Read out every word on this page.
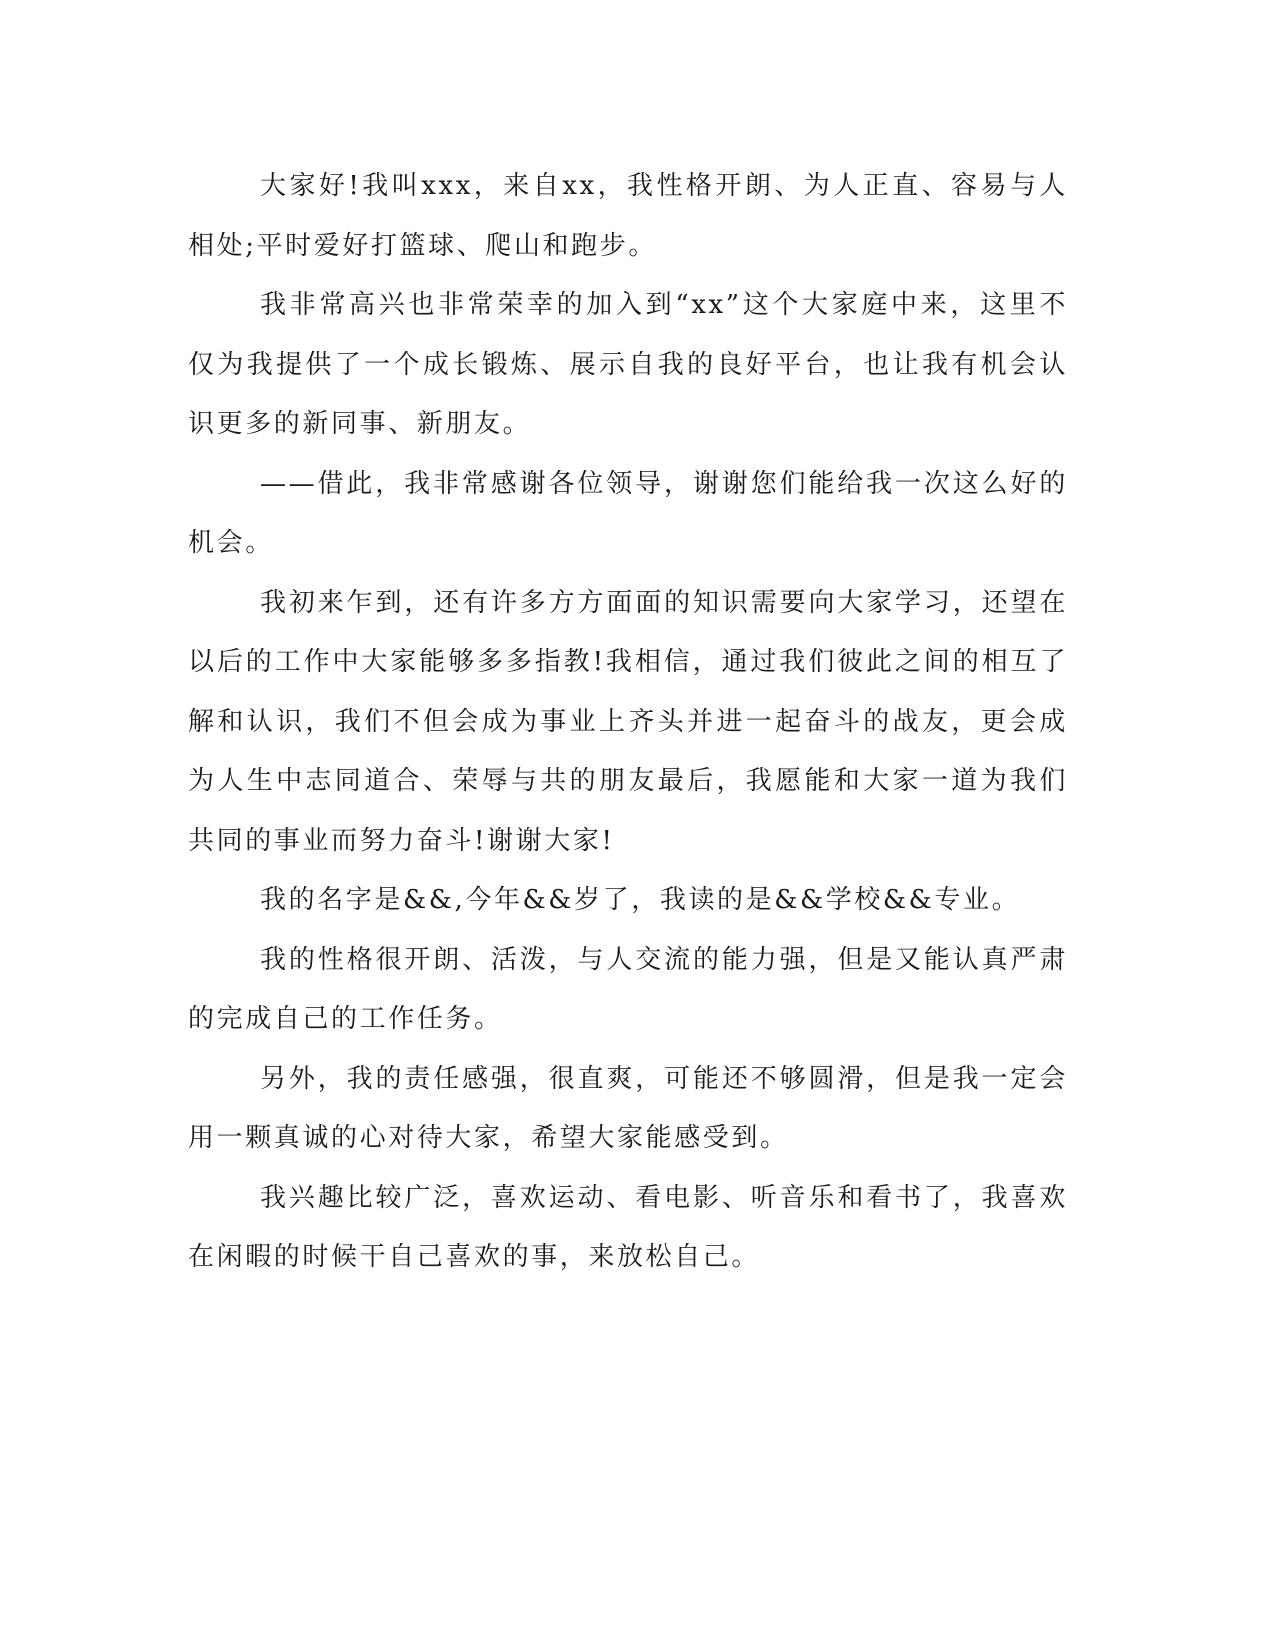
大家好!我叫xxx，来自xx，我性格开朗、为人正直、容易与人相处;平时爱好打篮球、爬山和跑步。

我非常高兴也非常荣幸的加入到“xx”这个大家庭中来，这里不仅为我提供了一个成长锻炼、展示自我的良好平台，也让我有机会认识更多的新同事、新朋友。

——借此，我非常感谢各位领导，谢谢您们能给我一次这么好的机会。

我初来乍到，还有许多方方面面的知识需要向大家学习，还望在以后的工作中大家能够多多指教!我相信，通过我们彼此之间的相互了解和认识，我们不但会成为事业上齐头并进一起奋斗的战友，更会成为人生中志同道合、荣辱与共的朋友最后，我愿能和大家一道为我们共同的事业而努力奋斗!谢谢大家!

我的名字是&&,今年&&岁了，我读的是&&学校&&专业。

我的性格很开朗、活泼，与人交流的能力强，但是又能认真严肃的完成自己的工作任务。

另外，我的责任感强，很直爽，可能还不够圆滑，但是我一定会用一颗真诚的心对待大家，希望大家能感受到。

我兴趣比较广泛，喜欢运动、看电影、听音乐和看书了，我喜欢在闲暇的时候干自己喜欢的事，来放松自己。
